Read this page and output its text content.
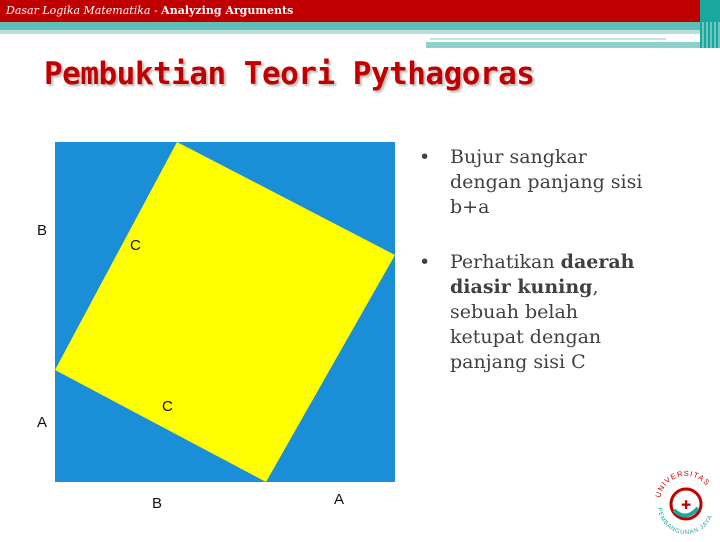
Dasar Logika Matematika - Analyzing Arguments
Pembuktian Teori Pythagoras
B
A
B	A
C
C
• Bujur sangkar dengan panjang sisi b+a
• Perhatikan daerah diasir kuning, sebuah belah ketupat dengan panjang sisi C
UNIVERSITAS
PEMBANGUNAN JAYA
✚
